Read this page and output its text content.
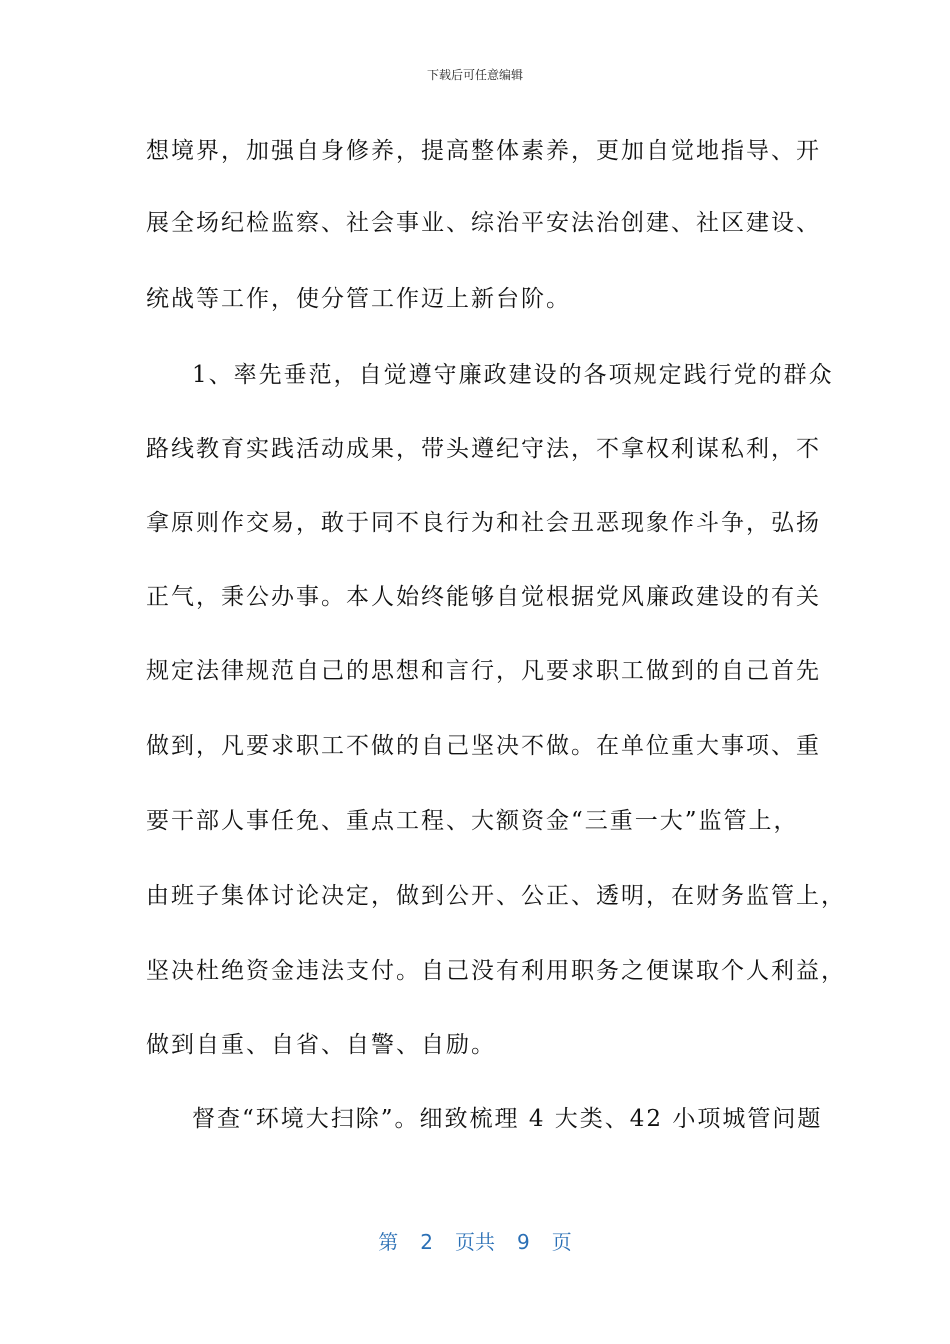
下载后可任意编辑
想境界，加强自身修养，提高整体素养，更加自觉地指导、开
展全场纪检监察、社会事业、综治平安法治创建、社区建设、
统战等工作，使分管工作迈上新台阶。
1、率先垂范，自觉遵守廉政建设的各项规定践行党的群众
路线教育实践活动成果，带头遵纪守法，不拿权利谋私利，不
拿原则作交易，敢于同不良行为和社会丑恶现象作斗争，弘扬
正气，秉公办事。本人始终能够自觉根据党风廉政建设的有关
规定法律规范自己的思想和言行，凡要求职工做到的自己首先
做到，凡要求职工不做的自己坚决不做。在单位重大事项、重
要干部人事任免、重点工程、大额资金“三重一大”监管上，
由班子集体讨论决定，做到公开、公正、透明，在财务监管上，
坚决杜绝资金违法支付。自己没有利用职务之便谋取个人利益，
做到自重、自省、自警、自励。
督查“环境大扫除”。细致梳理 4 大类、42 小项城管问题
第 2 页共 9 页
